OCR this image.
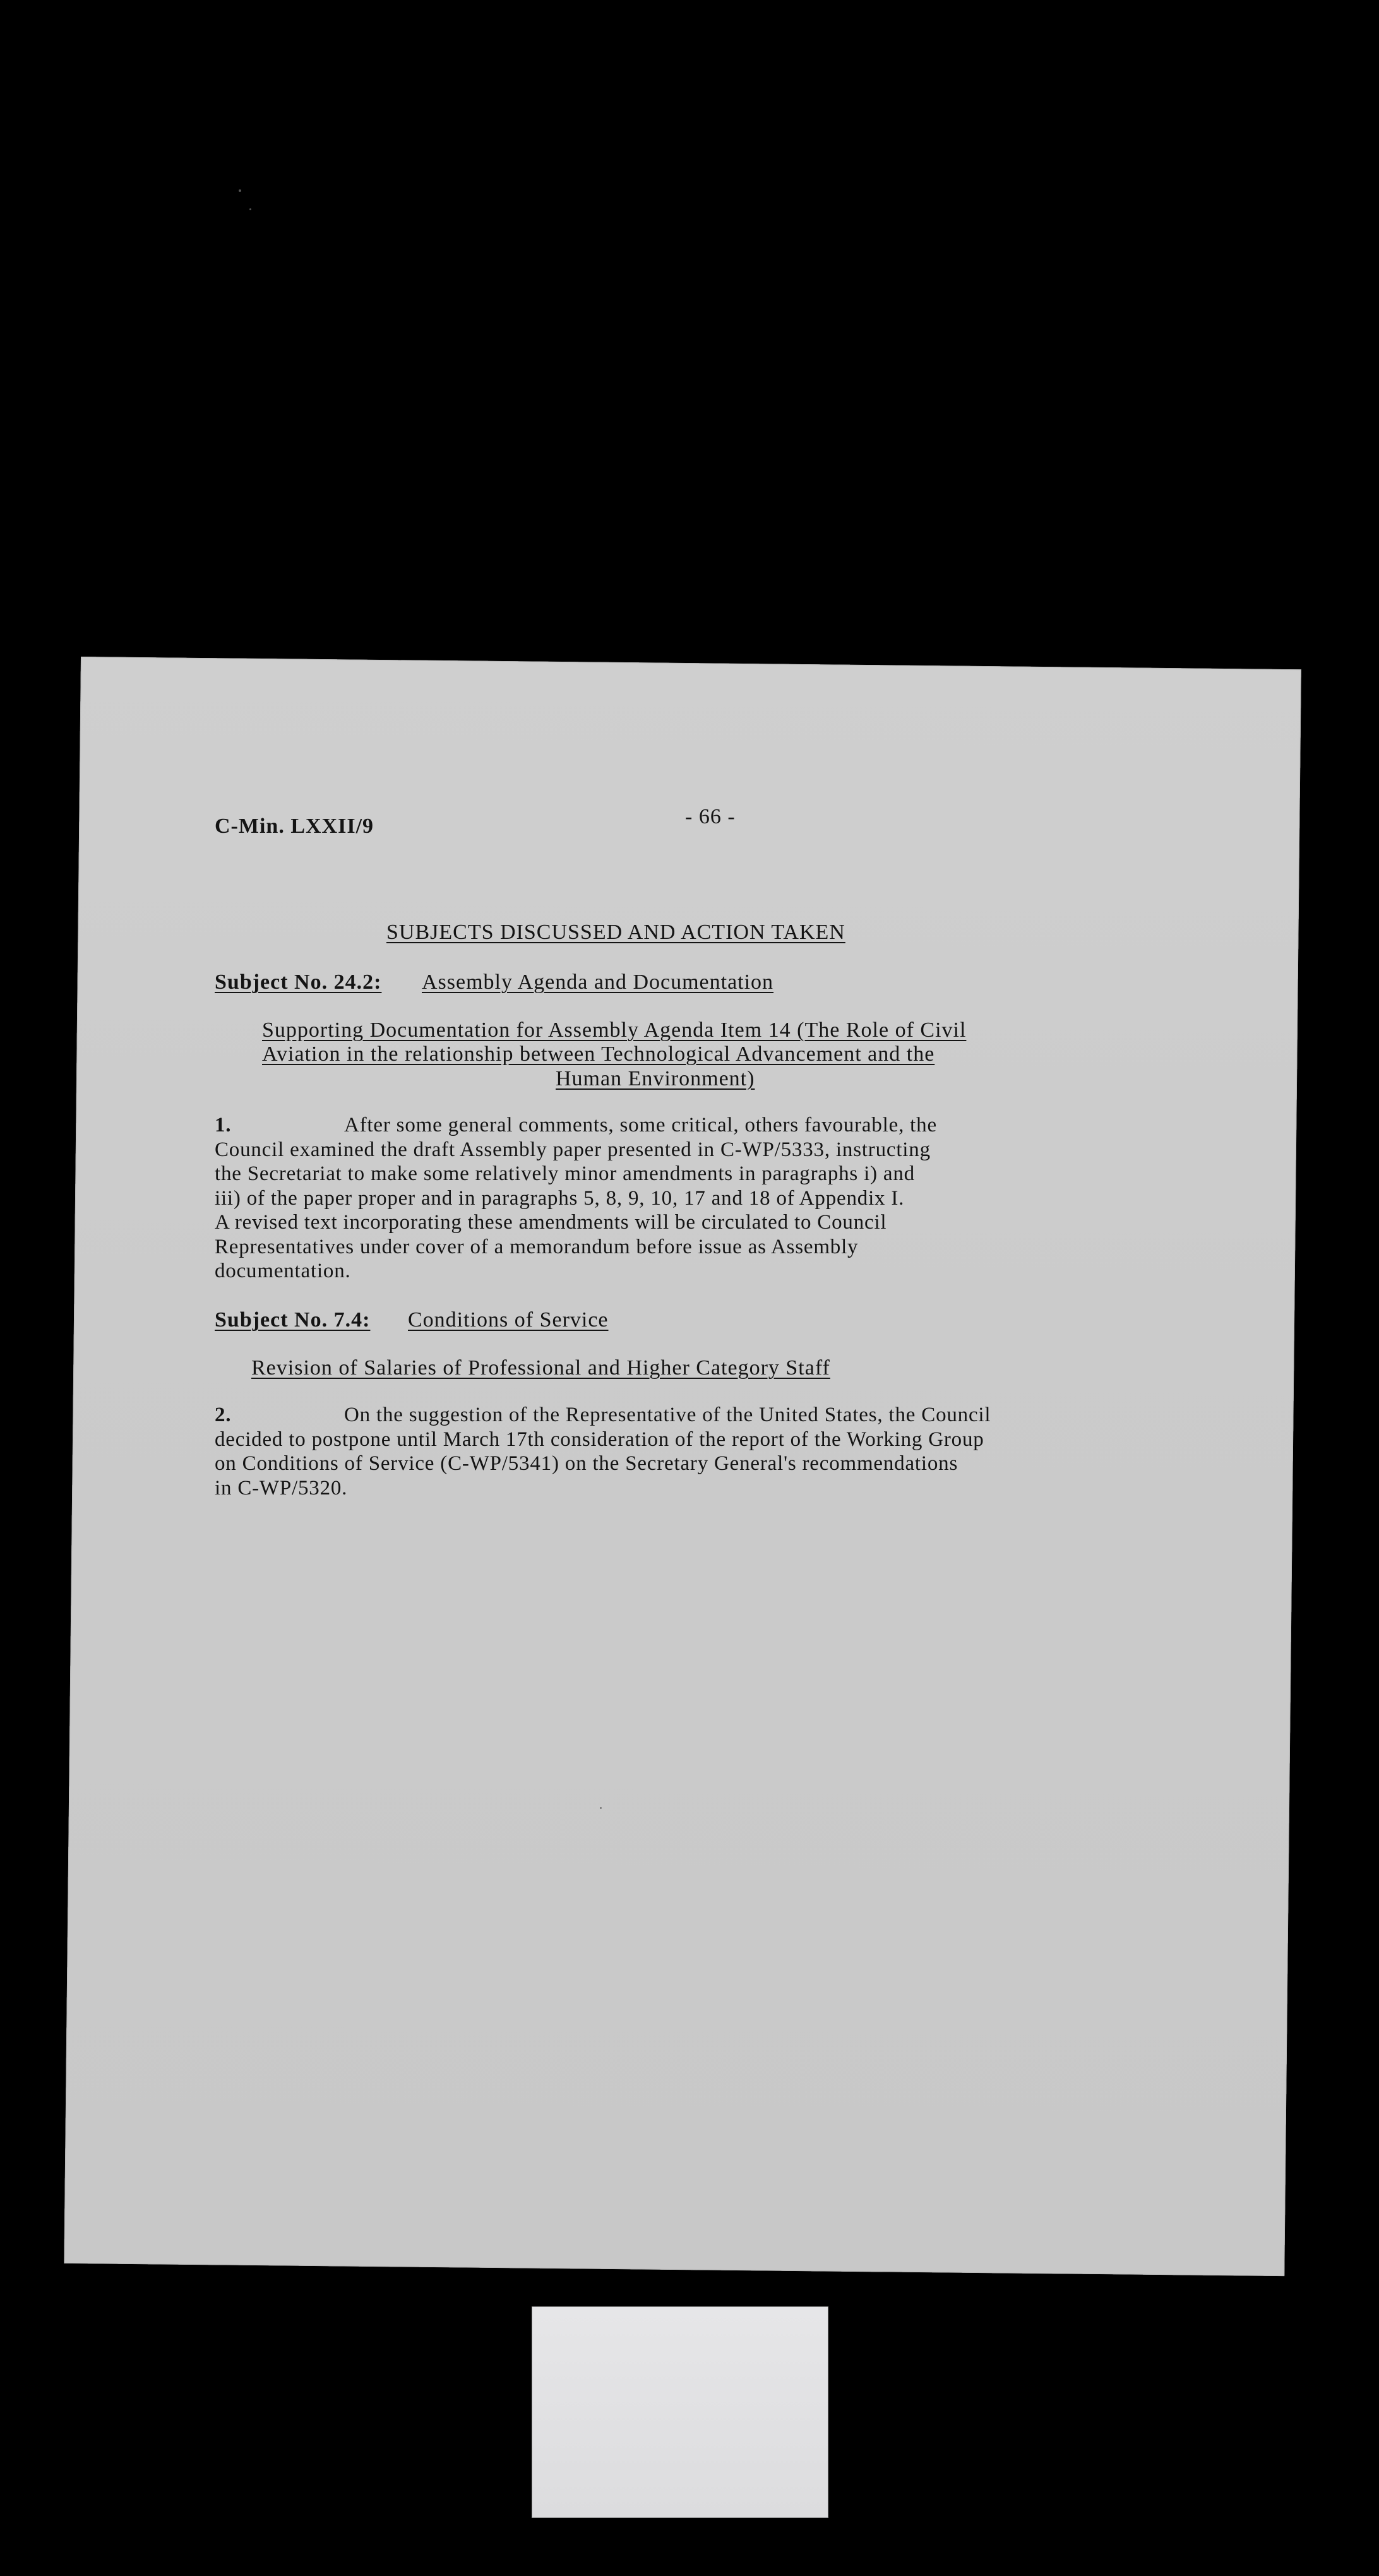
C-Min. LXXII/9	- 66 -
SUBJECTS DISCUSSED AND ACTION TAKEN
Subject No. 24.2: Assembly Agenda and Documentation
Supporting Documentation for Assembly Agenda Item 14 (The Role of Civil
Aviation in the relationship between Technological Advancement and the
Human Environment)
1.	After some general comments, some critical, others favourable, the
Council examined the draft Assembly paper presented in C-WP/5333, instructing
the Secretariat to make some relatively minor amendments in paragraphs i) and
iii) of the paper proper and in paragraphs 5, 8, 9, 10, 17 and 18 of Appendix I.
A revised text incorporating these amendments will be circulated to Council
Representatives under cover of a memorandum before issue as Assembly
documentation.
Subject No. 7.4: Conditions of Service
Revision of Salaries of Professional and Higher Category Staff
2.	On the suggestion of the Representative of the United States, the Council
decided to postpone until March 17th consideration of the report of the Working Group
on Conditions of Service (C-WP/5341) on the Secretary General's recommendations
in C-WP/5320.
